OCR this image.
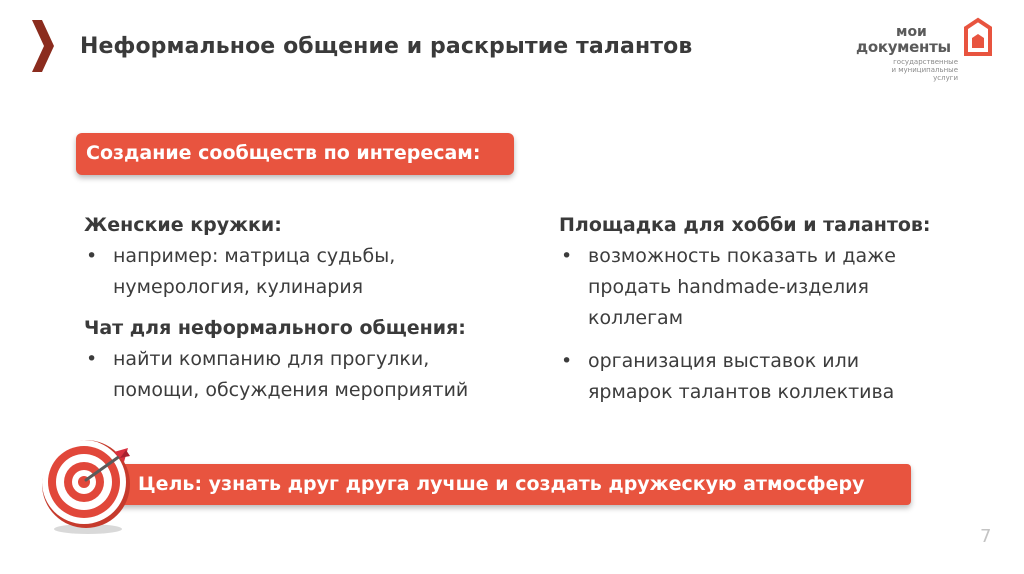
Неформальное общение и раскрытие талантов
мои
документы
государственные
и муниципальные услуги
Создание сообществ по интересам:
Женские кружки:
• например: матрица судьбы,
нумерология, кулинария
Чат для неформального общения:
• найти компанию для прогулки,
помощи, обсуждения мероприятий
Площадка для хобби и талантов:
• возможность показать и даже
продать handmade-изделия
коллегам
• организация выставок или
ярмарок талантов коллектива
Цель: узнать друг друга лучше и создать дружескую атмосферу
7
